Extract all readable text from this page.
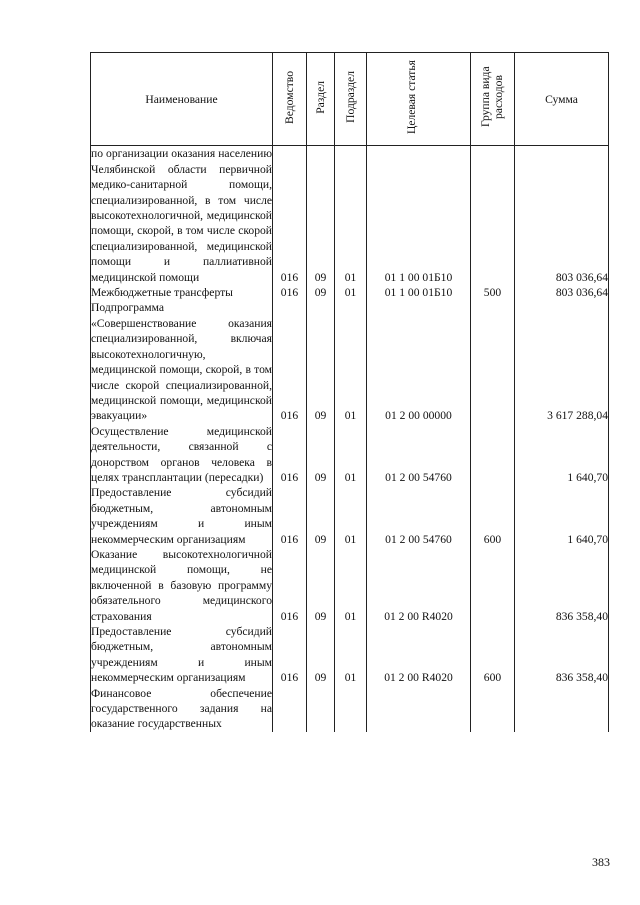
Наименование	Ведомство	Раздел	Подраздел	Целевая статья	Группа вида расходов	Сумма
по организации оказания населению Челябинской области первичной медико-санитарной помощи, специализированной, в том числе высокотехнологичной, медицинской помощи, скорой, в том числе скорой специализированной, медицинской помощи и паллиативной медицинской помощи	016	09	01	01 1 00 01Б10		803 036,64
Межбюджетные трансферты	016	09	01	01 1 00 01Б10	500	803 036,64
Подпрограмма «Совершенствование оказания специализированной, включая высокотехнологичную, медицинской помощи, скорой, в том числе скорой специализированной, медицинской помощи, медицинской эвакуации»	016	09	01	01 2 00 00000		3 617 288,04
Осуществление медицинской деятельности, связанной с донорством органов человека в целях трансплантации (пересадки)	016	09	01	01 2 00 54760		1 640,70
Предоставление субсидий бюджетным, автономным учреждениям и иным некоммерческим организациям	016	09	01	01 2 00 54760	600	1 640,70
Оказание высокотехнологичной медицинской помощи, не включенной в базовую программу обязательного медицинского страхования	016	09	01	01 2 00 R4020		836 358,40
Предоставление субсидий бюджетным, автономным учреждениям и иным некоммерческим организациям	016	09	01	01 2 00 R4020	600	836 358,40
Финансовое обеспечение государственного задания на оказание государственных						
383
